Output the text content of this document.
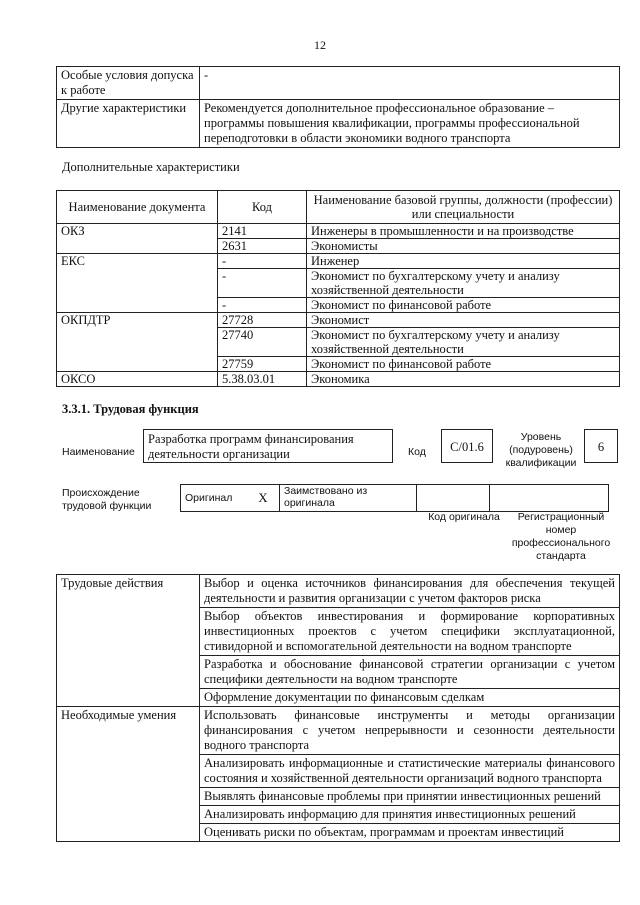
12
Особые условия допуска к работе	-
Другие характеристики	Рекомендуется дополнительное профессиональное образование – программы повышения квалификации, программы профессиональной переподготовки в области экономики водного транспорта
Дополнительные характеристики
Наименование документа	Код	Наименование базовой группы, должности (профессии) или специальности
ОКЗ	2141	Инженеры в промышленности и на производстве
	2631	Экономисты
ЕКС	-	Инженер
	-	Экономист по бухгалтерскому учету и анализу хозяйственной деятельности
	-	Экономист по финансовой работе
ОКПДТР	27728	Экономист
	27740	Экономист по бухгалтерскому учету и анализу хозяйственной деятельности
	27759	Экономист по финансовой работе
ОКСО	5.38.03.01	Экономика
3.3.1. Трудовая функция
Наименование
Разработка программ финансирования деятельности организации	Код	С/01.6
Уровень (подуровень) квалификации
6
Происхождение трудовой функции
Оригинал	X	Заимствовано из оригинала		
Код оригинала	Регистрационный номер профессионального стандарта
Трудовые действия	Выбор и оценка источников финансирования для обеспечения текущей деятельности и развития организации с учетом факторов риска
	Выбор объектов инвестирования и формирование корпоративных инвестиционных проектов с учетом специфики эксплуатационной, стивидорной и вспомогательной деятельности на водном транспорте
	Разработка и обоснование финансовой стратегии организации с учетом специфики деятельности на водном транспорте
	Оформление документации по финансовым сделкам
Необходимые умения	Использовать финансовые инструменты и методы организации финансирования с учетом непрерывности и сезонности деятельности водного транспорта
	Анализировать информационные и статистические материалы финансового состояния и хозяйственной деятельности организаций водного транспорта
	Выявлять финансовые проблемы при принятии инвестиционных решений
	Анализировать информацию для принятия инвестиционных решений
	Оценивать риски по объектам, программам и проектам инвестиций
